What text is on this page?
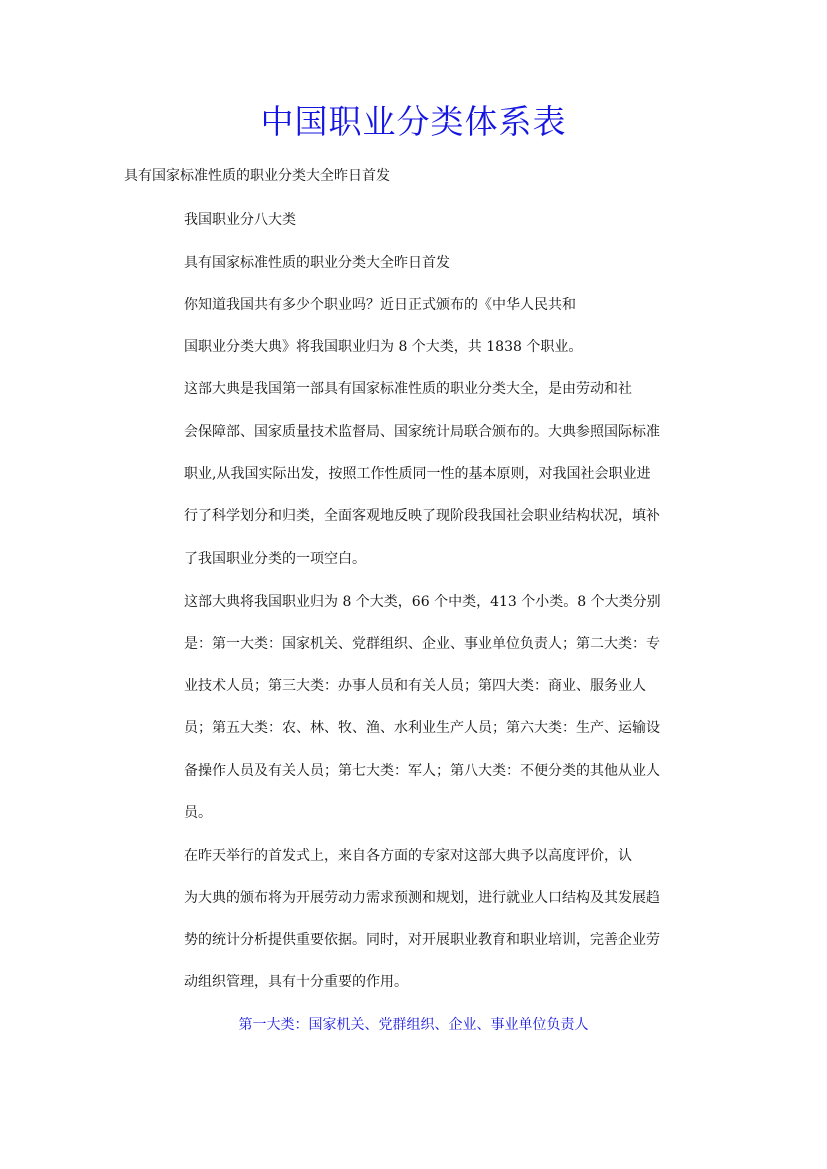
中国职业分类体系表
具有国家标准性质的职业分类大全昨日首发
我国职业分八大类
具有国家标准性质的职业分类大全昨日首发
你知道我国共有多少个职业吗？近日正式颁布的《中华人民共和
国职业分类大典》将我国职业归为 8 个大类，共 1838 个职业。
这部大典是我国第一部具有国家标准性质的职业分类大全，是由劳动和社
会保障部、国家质量技术监督局、国家统计局联合颁布的。大典参照国际标准
职业,从我国实际出发，按照工作性质同一性的基本原则，对我国社会职业进
行了科学划分和归类，全面客观地反映了现阶段我国社会职业结构状况，填补
了我国职业分类的一项空白。
这部大典将我国职业归为 8 个大类，66 个中类，413 个小类。8 个大类分别
是：第一大类：国家机关、党群组织、企业、事业单位负责人；第二大类：专
业技术人员；第三大类：办事人员和有关人员；第四大类：商业、服务业人
员；第五大类：农、林、牧、渔、水利业生产人员；第六大类：生产、运输设
备操作人员及有关人员；第七大类：军人；第八大类：不便分类的其他从业人
员。
在昨天举行的首发式上，来自各方面的专家对这部大典予以高度评价，认
为大典的颁布将为开展劳动力需求预测和规划，进行就业人口结构及其发展趋
势的统计分析提供重要依据。同时，对开展职业教育和职业培训，完善企业劳
动组织管理，具有十分重要的作用。
第一大类：国家机关、党群组织、企业、事业单位负责人
